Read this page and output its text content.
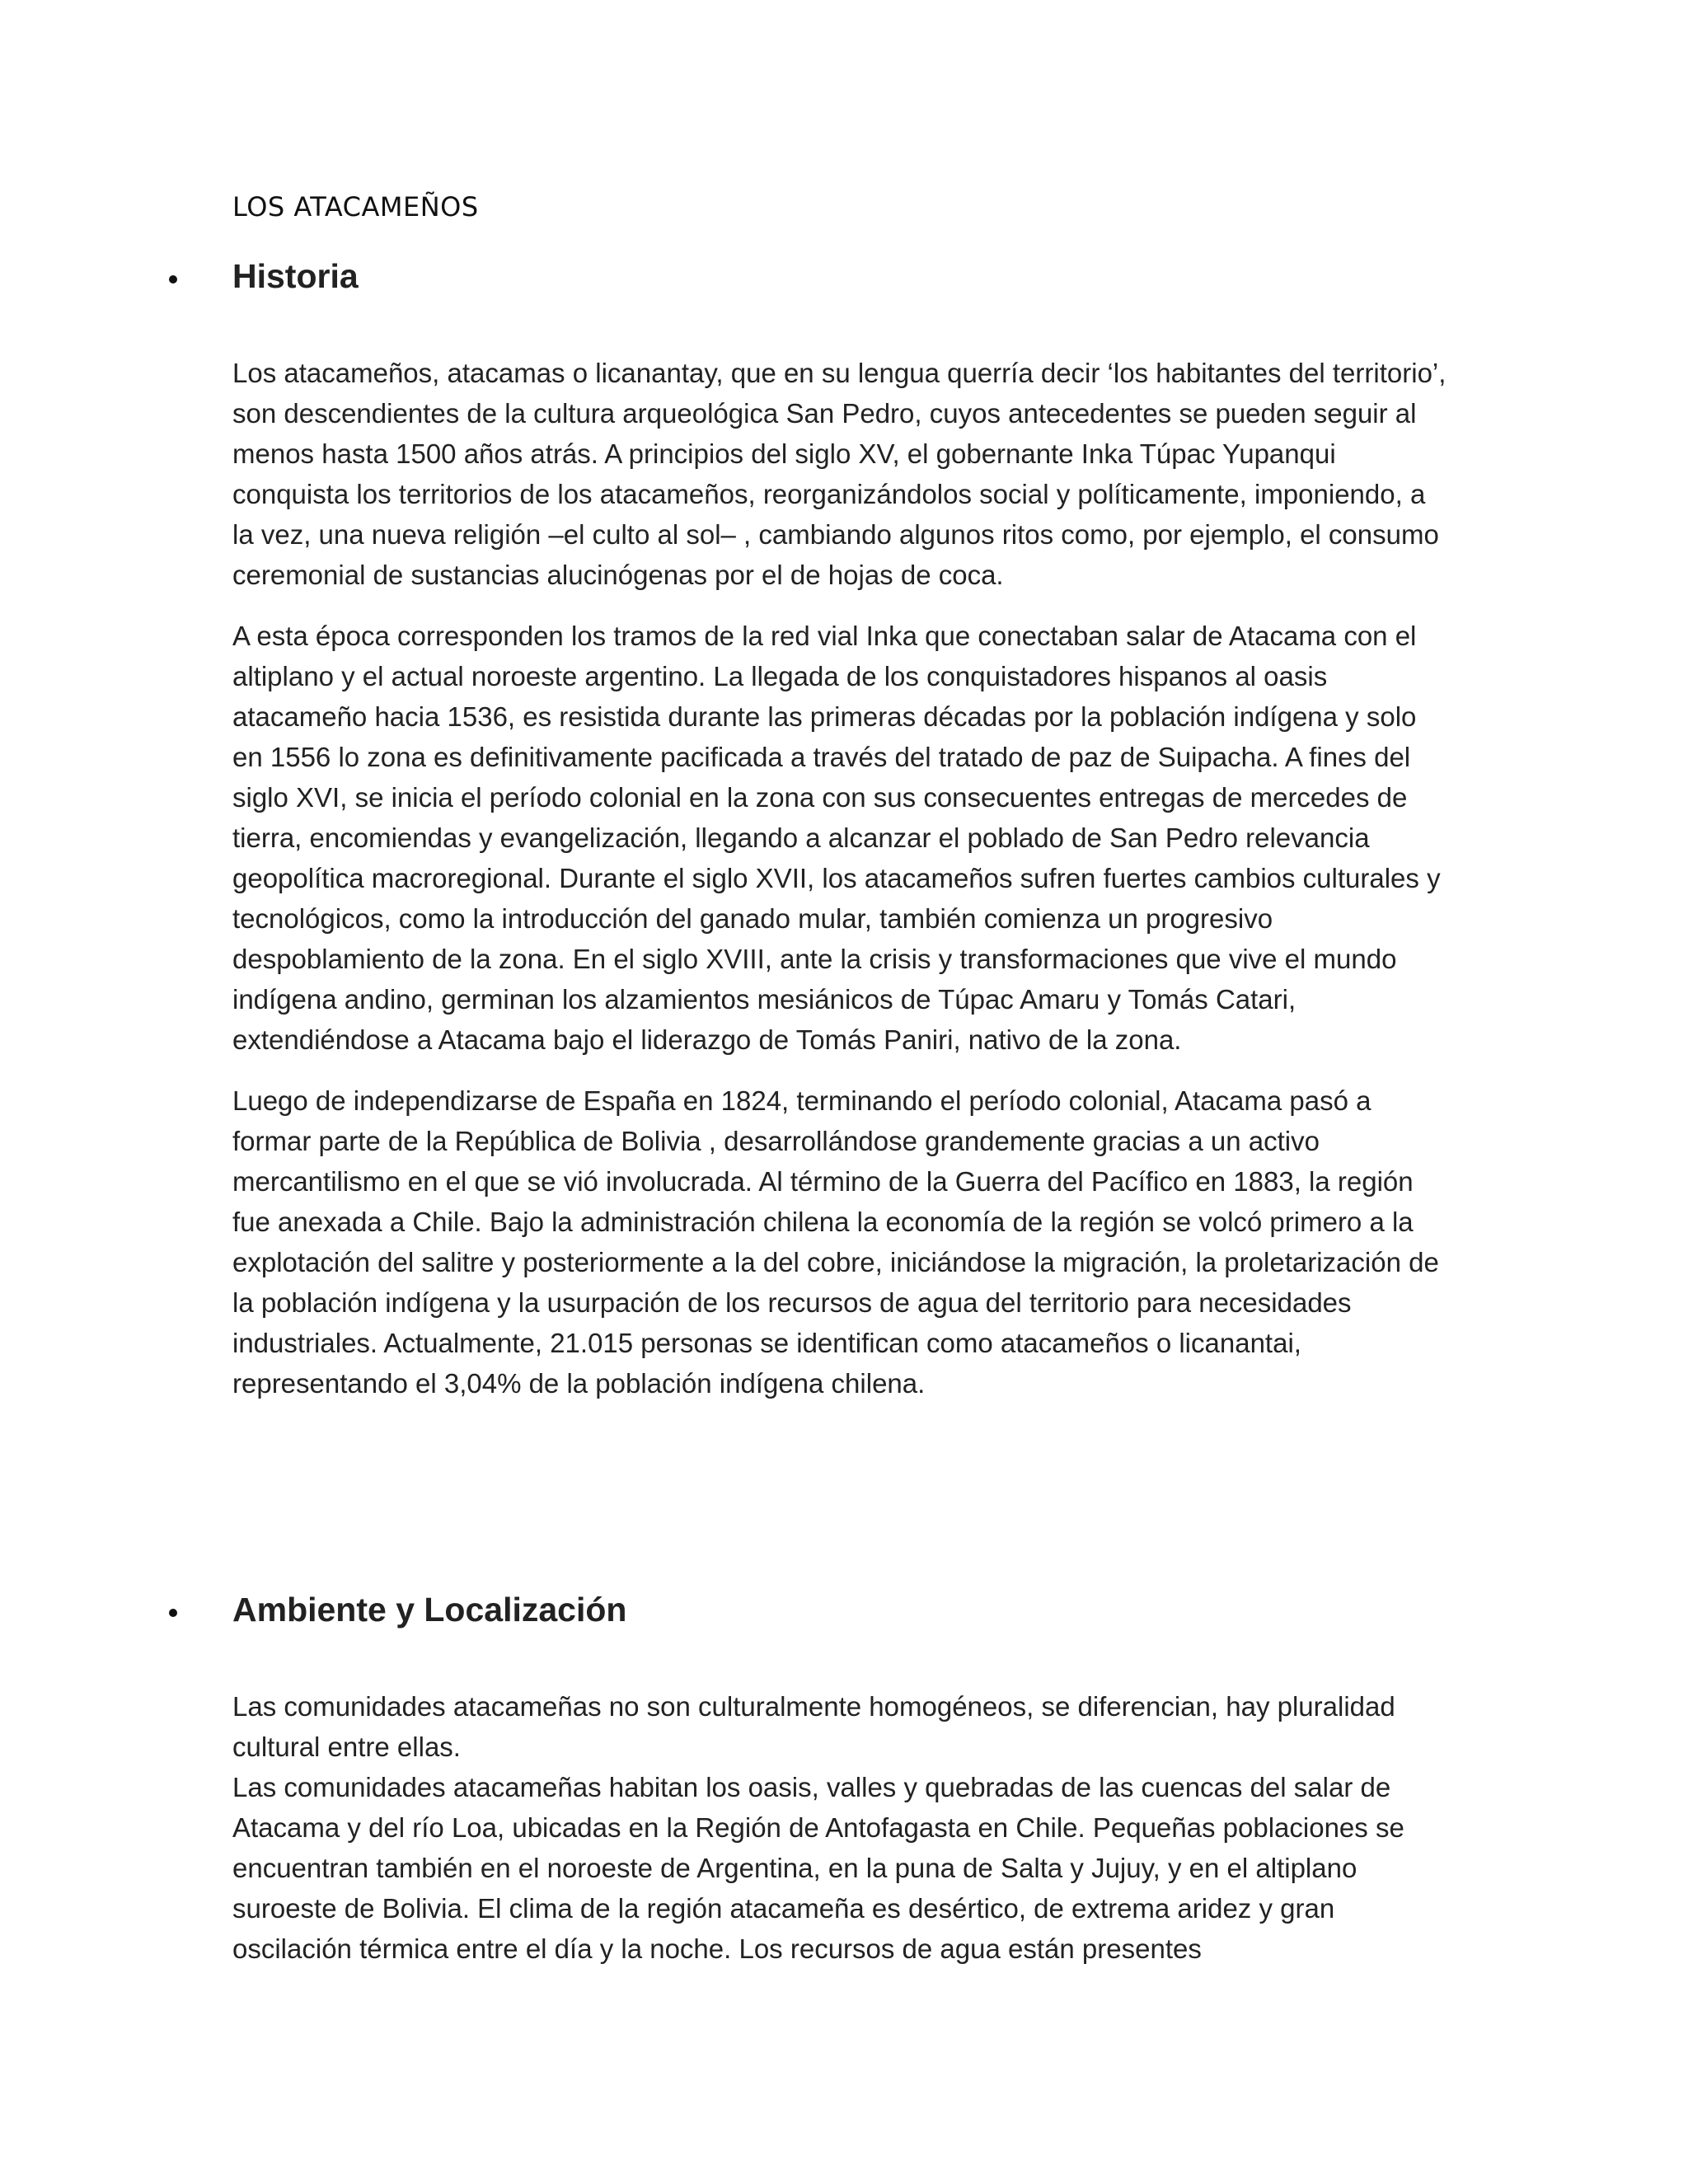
LOS ATACAMEÑOS
Historia

Los atacameños, atacamas o licanantay, que en su lengua querría decir ‘los habitantes del territorio’, son descendientes de la cultura arqueológica San Pedro, cuyos antecedentes se pueden seguir al menos hasta 1500 años atrás. A principios del siglo XV, el gobernante Inka Túpac Yupanqui conquista los territorios de los atacameños, reorganizándolos social y políticamente, imponiendo, a la vez, una nueva religión –el culto al sol– , cambiando algunos ritos como, por ejemplo, el consumo ceremonial de sustancias alucinógenas por el de hojas de coca.

A esta época corresponden los tramos de la red vial Inka que conectaban salar de Atacama con el altiplano y el actual noroeste argentino. La llegada de los conquistadores hispanos al oasis atacameño hacia 1536, es resistida durante las primeras décadas por la población indígena y solo en 1556 lo zona es definitivamente pacificada a través del tratado de paz de Suipacha. A fines del siglo XVI, se inicia el período colonial en la zona con sus consecuentes entregas de mercedes de tierra, encomiendas y evangelización, llegando a alcanzar el poblado de San Pedro relevancia geopolítica macroregional. Durante el siglo XVII, los atacameños sufren fuertes cambios culturales y tecnológicos, como la introducción del ganado mular, también comienza un progresivo despoblamiento de la zona. En el siglo XVIII, ante la crisis y transformaciones que vive el mundo indígena andino, germinan los alzamientos mesiánicos de Túpac Amaru y Tomás Catari, extendiéndose a Atacama bajo el liderazgo de Tomás Paniri, nativo de la zona.

Luego de independizarse de España en 1824, terminando el período colonial, Atacama pasó a formar parte de la República de Bolivia , desarrollándose grandemente gracias a un activo mercantilismo en el que se vió involucrada. Al término de la Guerra del Pacífico en 1883, la región fue anexada a Chile. Bajo la administración chilena la economía de la región se volcó primero a la explotación del salitre y posteriormente a la del cobre, iniciándose la migración, la proletarización de la población indígena y la usurpación de los recursos de agua del territorio para necesidades industriales. Actualmente, 21.015 personas se identifican como atacameños o licanantai, representando el 3,04% de la población indígena chilena.

Ambiente y Localización

Las comunidades atacameñas no son culturalmente homogéneos, se diferencian, hay pluralidad cultural entre ellas.

Las comunidades atacameñas habitan los oasis, valles y quebradas de las cuencas del salar de Atacama y del río Loa, ubicadas en la Región de Antofagasta en Chile. Pequeñas poblaciones se encuentran también en el noroeste de Argentina, en la puna de Salta y Jujuy, y en el altiplano suroeste de Bolivia. El clima de la región atacameña es desértico, de extrema aridez y gran oscilación térmica entre el día y la noche. Los recursos de agua están presentes
